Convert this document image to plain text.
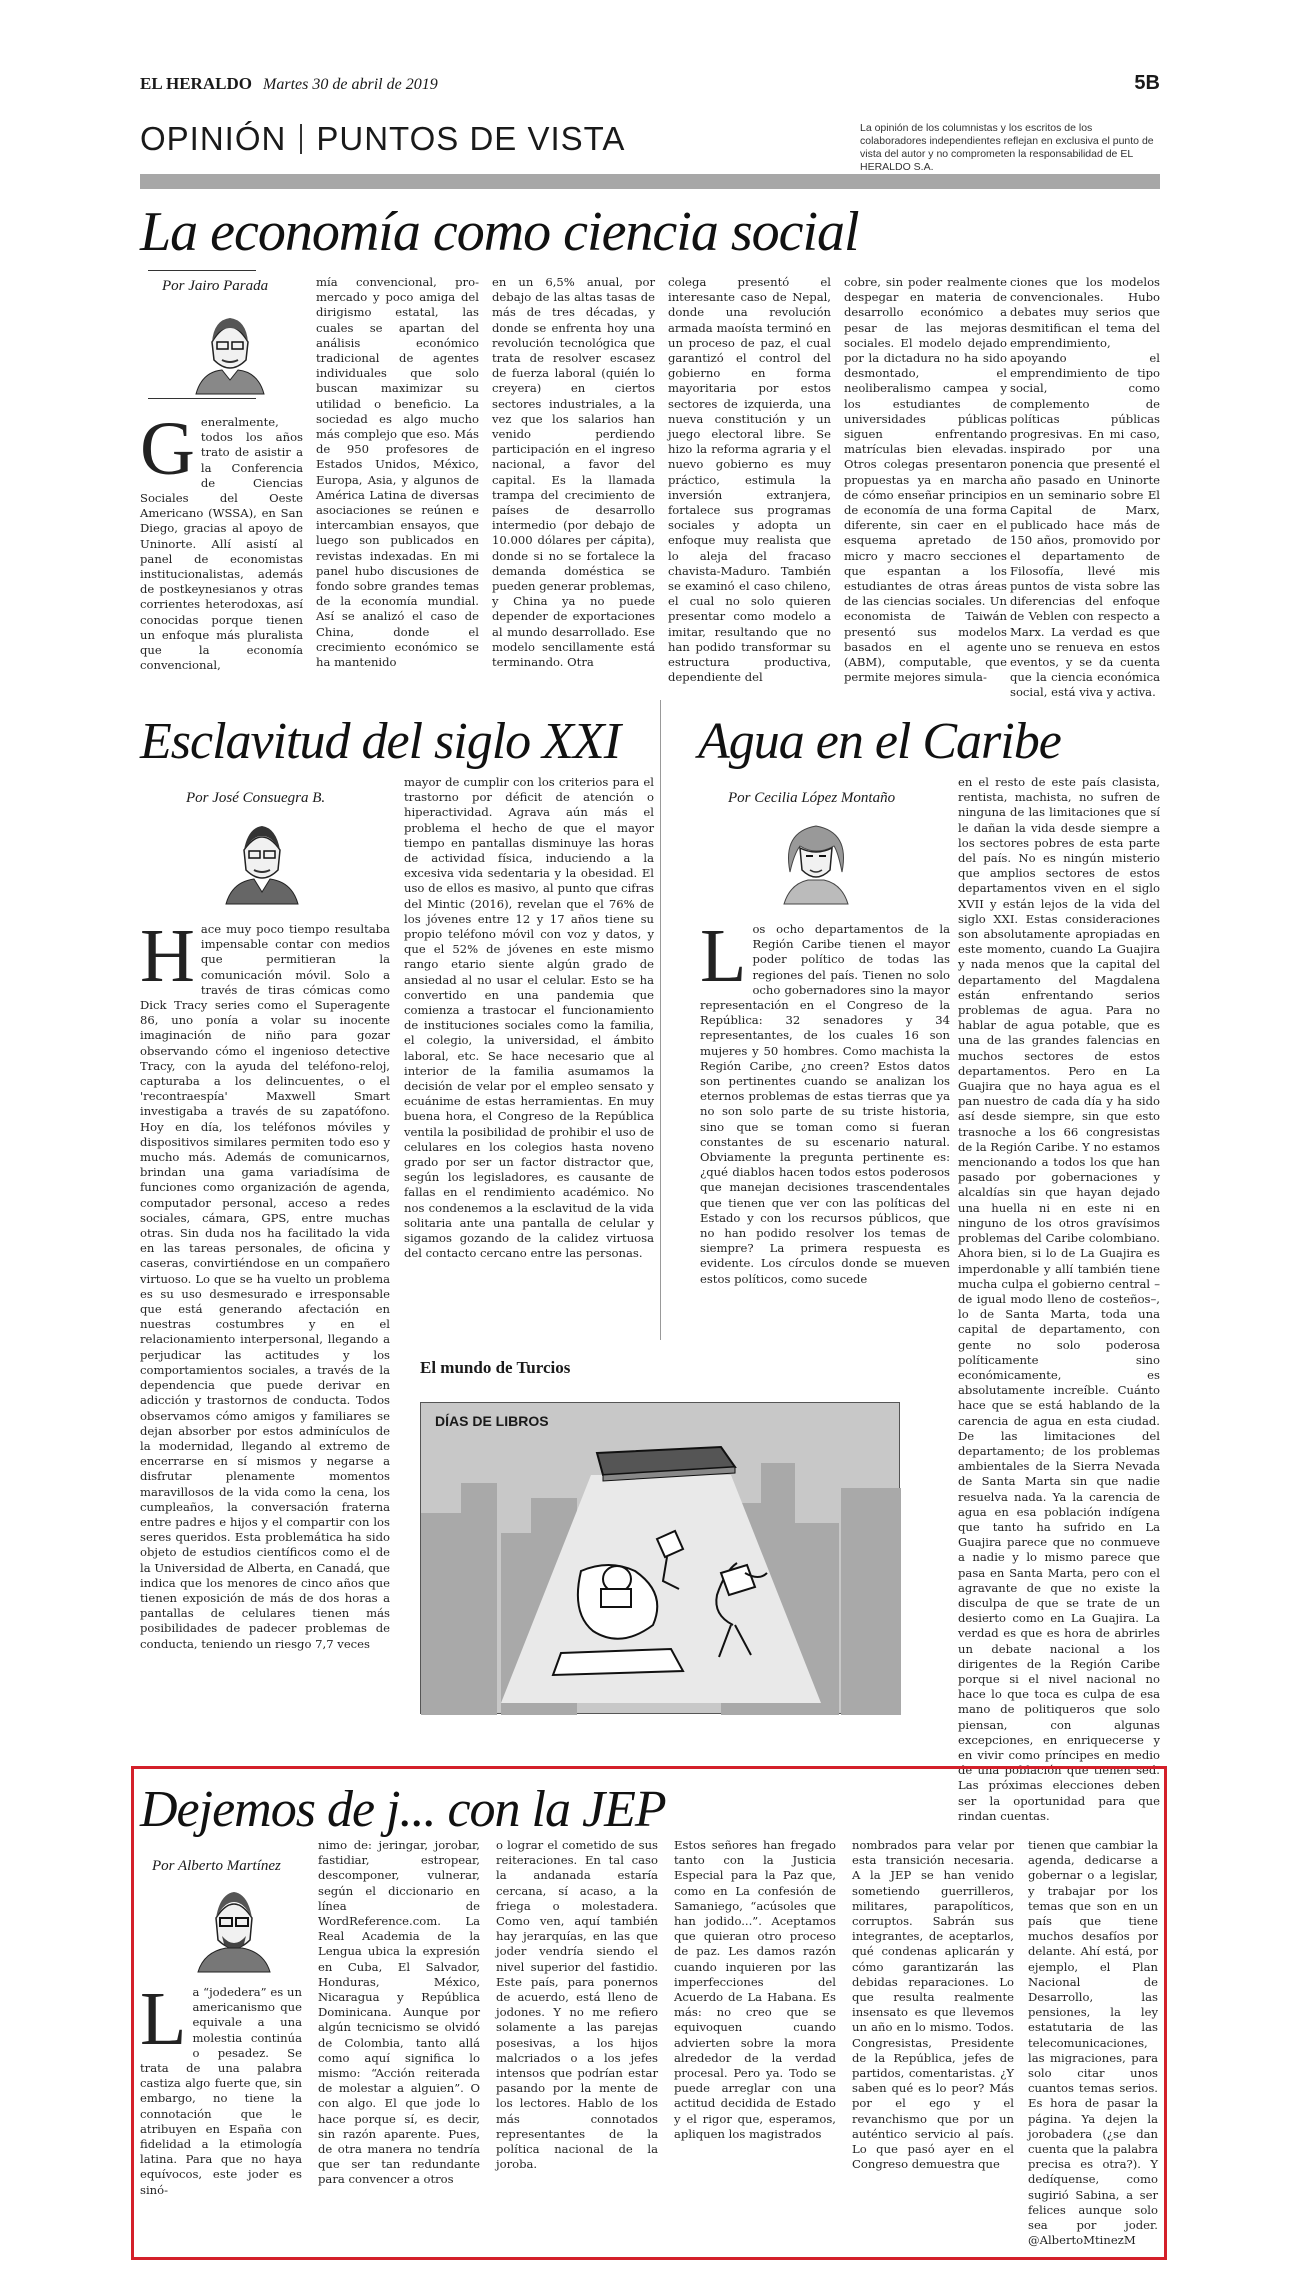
EL HERALDO Martes 30 de abril de 2019	5B
OPINIÓN PUNTOS DE VISTA	La opinión de los columnistas y los escritos de los colaboradores independientes reflejan en exclusiva el punto de vista del autor y no comprometen la responsabilidad de EL HERALDO S.A.
La economía como ciencia social
Por Jairo Parada
Generalmente, todos los años trato de asistir a la Conferencia de Ciencias Sociales del Oeste Americano (WSSA), en San Diego, gracias al apoyo de Uninorte. Allí asistí al panel de economistas institucionalistas, además de postkeynesianos y otras corrientes heterodoxas, así conocidas porque tienen un enfoque más pluralista que la economía convencional,
mía convencional, pro-mercado y poco amiga del dirigismo estatal, las cuales se apartan del análisis económico tradicional de agentes individuales que solo buscan maximizar su utilidad o beneficio. La sociedad es algo mucho más complejo que eso. Más de 950 profesores de Estados Unidos, México, Europa, Asia, y algunos de América Latina de diversas asociaciones se reúnen e intercambian ensayos, que luego son publicados en revistas indexadas. En mi panel hubo discusiones de fondo sobre grandes temas de la economía mundial. Así se analizó el caso de China, donde el crecimiento económico se ha mantenido
en un 6,5% anual, por debajo de las altas tasas de más de tres décadas, y donde se enfrenta hoy una revolución tecnológica que trata de resolver escasez de fuerza laboral (quién lo creyera) en ciertos sectores industriales, a la vez que los salarios han venido perdiendo participación en el ingreso nacional, a favor del capital. Es la llamada trampa del crecimiento de países de desarrollo intermedio (por debajo de 10.000 dólares per cápita), donde si no se fortalece la demanda doméstica se pueden generar problemas, y China ya no puede depender de exportaciones al mundo desarrollado. Ese modelo sencillamente está terminando. Otra
colega presentó el interesante caso de Nepal, donde una revolución armada maoísta terminó en un proceso de paz, el cual garantizó el control del gobierno en forma mayoritaria por estos sectores de izquierda, una nueva constitución y un juego electoral libre. Se hizo la reforma agraria y el nuevo gobierno es muy práctico, estimula la inversión extranjera, fortalece sus programas sociales y adopta un enfoque muy realista que lo aleja del fracaso chavista-Maduro. También se examinó el caso chileno, el cual no solo quieren presentar como modelo a imitar, resultando que no han podido transformar su estructura productiva, dependiente del
cobre, sin poder realmente despegar en materia de desarrollo económico a pesar de las mejoras sociales. El modelo dejado por la dictadura no ha sido desmontado, el neoliberalismo campea y los estudiantes de universidades públicas siguen enfrentando matrículas bien elevadas. Otros colegas presentaron propuestas ya en marcha de cómo enseñar principios de economía de una forma diferente, sin caer en el esquema apretado de micro y macro secciones que espantan a los estudiantes de otras áreas de las ciencias sociales. Un economista de Taiwán presentó sus modelos basados en el agente (ABM), computable, que permite mejores simula-
ciones que los modelos convencionales. Hubo debates muy serios que desmitifican el tema del emprendimiento, apoyando el emprendimiento de tipo social, como complemento de políticas públicas progresivas. En mi caso, inspirado por una ponencia que presenté el año pasado en Uninorte en un seminario sobre El Capital de Marx, publicado hace más de 150 años, promovido por el departamento de Filosofía, llevé mis puntos de vista sobre las diferencias del enfoque de Veblen con respecto a Marx. La verdad es que uno se renueva en estos eventos, y se da cuenta que la ciencia económica social, está viva y activa.
Esclavitud del siglo XXI
Por José Consuegra B.
Hace muy poco tiempo resultaba impensable contar con medios que permitieran la comunicación móvil. Solo a través de tiras cómicas como Dick Tracy series como el Superagente 86, uno ponía a volar su inocente imaginación de niño para gozar observando cómo el ingenioso detective Tracy, con la ayuda del teléfono-reloj, capturaba a los delincuentes, o el 'recontraespía' Maxwell Smart investigaba a través de su zapatófono. Hoy en día, los teléfonos móviles y dispositivos similares permiten todo eso y mucho más. Además de comunicarnos, brindan una gama variadísima de funciones como organización de agenda, computador personal, acceso a redes sociales, cámara, GPS, entre muchas otras. Sin duda nos ha facilitado la vida en las tareas personales, de oficina y caseras, convirtiéndose en un compañero virtuoso. Lo que se ha vuelto un problema es su uso desmesurado e irresponsable que está generando afectación en nuestras costumbres y en el relacionamiento interpersonal, llegando a perjudicar las actitudes y los comportamientos sociales, a través de la dependencia que puede derivar en adicción y trastornos de conducta. Todos observamos cómo amigos y familiares se dejan absorber por estos adminículos de la modernidad, llegando al extremo de encerrarse en sí mismos y negarse a disfrutar plenamente momentos maravillosos de la vida como la cena, los cumpleaños, la conversación fraterna entre padres e hijos y el compartir con los seres queridos. Esta problemática ha sido objeto de estudios científicos como el de la Universidad de Alberta, en Canadá, que indica que los menores de cinco años que tienen exposición de más de dos horas a pantallas de celulares tienen más posibilidades de padecer problemas de conducta, teniendo un riesgo 7,7 veces
mayor de cumplir con los criterios para el trastorno por déficit de atención o hiperactividad. Agrava aún más el problema el hecho de que el mayor tiempo en pantallas disminuye las horas de actividad física, induciendo a la excesiva vida sedentaria y la obesidad. El uso de ellos es masivo, al punto que cifras del Mintic (2016), revelan que el 76% de los jóvenes entre 12 y 17 años tiene su propio teléfono móvil con voz y datos, y que el 52% de jóvenes en este mismo rango etario siente algún grado de ansiedad al no usar el celular. Esto se ha convertido en una pandemia que comienza a trastocar el funcionamiento de instituciones sociales como la familia, el colegio, la universidad, el ámbito laboral, etc. Se hace necesario que al interior de la familia asumamos la decisión de velar por el empleo sensato y ecuánime de estas herramientas. En muy buena hora, el Congreso de la República ventila la posibilidad de prohibir el uso de celulares en los colegios hasta noveno grado por ser un factor distractor que, según los legisladores, es causante de fallas en el rendimiento académico. No nos condenemos a la esclavitud de la vida solitaria ante una pantalla de celular y sigamos gozando de la calidez virtuosa del contacto cercano entre las personas.
Agua en el Caribe
Por Cecilia López Montaño
Los ocho departamentos de la Región Caribe tienen el mayor poder político de todas las regiones del país. Tienen no solo ocho gobernadores sino la mayor representación en el Congreso de la República: 32 senadores y 34 representantes, de los cuales 16 son mujeres y 50 hombres. Como machista la Región Caribe, ¿no creen? Estos datos son pertinentes cuando se analizan los eternos problemas de estas tierras que ya no son solo parte de su triste historia, sino que se toman como si fueran constantes de su escenario natural. Obviamente la pregunta pertinente es: ¿qué diablos hacen todos estos poderosos que manejan decisiones trascendentales que tienen que ver con las políticas del Estado y con los recursos públicos, que no han podido resolver los temas de siempre? La primera respuesta es evidente. Los círculos donde se mueven estos políticos, como sucede
en el resto de este país clasista, rentista, machista, no sufren de ninguna de las limitaciones que sí le dañan la vida desde siempre a los sectores pobres de esta parte del país. No es ningún misterio que amplios sectores de estos departamentos viven en el siglo XVII y están lejos de la vida del siglo XXI. Estas consideraciones son absolutamente apropiadas en este momento, cuando La Guajira y nada menos que la capital del departamento del Magdalena están enfrentando serios problemas de agua. Para no hablar de agua potable, que es una de las grandes falencias en muchos sectores de estos departamentos. Pero en La Guajira que no haya agua es el pan nuestro de cada día y ha sido así desde siempre, sin que esto trasnoche a los 66 congresistas de la Región Caribe. Y no estamos mencionando a todos los que han pasado por gobernaciones y alcaldías sin que hayan dejado una huella ni en este ni en ninguno de los otros gravísimos problemas del Caribe colombiano. Ahora bien, si lo de La Guajira es imperdonable y allí también tiene mucha culpa el gobierno central –de igual modo lleno de costeños–, lo de Santa Marta, toda una capital de departamento, con gente no solo poderosa políticamente sino económicamente, es absolutamente increíble. Cuánto hace que se está hablando de la carencia de agua en esta ciudad. De las limitaciones del departamento; de los problemas ambientales de la Sierra Nevada de Santa Marta sin que nadie resuelva nada. Ya la carencia de agua en esa población indígena que tanto ha sufrido en La Guajira parece que no conmueve a nadie y lo mismo parece que pasa en Santa Marta, pero con el agravante de que no existe la disculpa de que se trate de un desierto como en La Guajira. La verdad es que es hora de abrirles un debate nacional a los dirigentes de la Región Caribe porque si el nivel nacional no hace lo que toca es culpa de esa mano de politiqueros que solo piensan, con algunas excepciones, en enriquecerse y en vivir como príncipes en medio de una población que tienen sed. Las próximas elecciones deben ser la oportunidad para que rindan cuentas.
El mundo de Turcios
DÍAS DE LIBROS
Dejemos de j... con la JEP
Por Alberto Martínez
La “jodedera” es un americanismo que equivale a una molestia continúa o pesadez. Se trata de una palabra castiza algo fuerte que, sin embargo, no tiene la connotación que le atribuyen en España con fidelidad a la etimología latina. Para que no haya equívocos, este joder es sinó-
nimo de: jeringar, jorobar, fastidiar, estropear, descomponer, vulnerar, según el diccionario en línea de WordReference.com. La Real Academia de la Lengua ubica la expresión en Cuba, El Salvador, Honduras, México, Nicaragua y República Dominicana. Aunque por algún tecnicismo se olvidó de Colombia, tanto allá como aquí significa lo mismo: “Acción reiterada de molestar a alguien”. O con algo. El que jode lo hace porque sí, es decir, sin razón aparente. Pues, de otra manera no tendría que ser tan redundante para convencer a otros
o lograr el cometido de sus reiteraciones. En tal caso la andanada estaría cercana, sí acaso, a la friega o molestadera. Como ven, aquí también hay jerarquías, en las que joder vendría siendo el nivel superior del fastidio. Este país, para ponernos de acuerdo, está lleno de jodones. Y no me refiero solamente a las parejas posesivas, a los hijos malcriados o a los jefes intensos que podrían estar pasando por la mente de los lectores. Hablo de los más connotados representantes de la política nacional de la joroba.
Estos señores han fregado tanto con la Justicia Especial para la Paz que, como en La confesión de Samaniego, “acúsoles que han jodido...”. Aceptamos que quieran otro proceso de paz. Les damos razón cuando inquieren por las imperfecciones del Acuerdo de La Habana. Es más: no creo que se equivoquen cuando advierten sobre la mora alrededor de la verdad procesal. Pero ya. Todo se puede arreglar con una actitud decidida de Estado y el rigor que, esperamos, apliquen los magistrados
nombrados para velar por esta transición necesaria. A la JEP se han venido sometiendo guerrilleros, militares, parapolíticos, corruptos. Sabrán sus integrantes, de aceptarlos, qué condenas aplicarán y cómo garantizarán las debidas reparaciones. Lo que resulta realmente insensato es que llevemos un año en lo mismo. Todos. Congresistas, Presidente de la República, jefes de partidos, comentaristas. ¿Y saben qué es lo peor? Más por el ego y el revanchismo que por un auténtico servicio al país. Lo que pasó ayer en el Congreso demuestra que
tienen que cambiar la agenda, dedicarse a gobernar o a legislar, y trabajar por los temas que son en un país que tiene muchos desafíos por delante. Ahí está, por ejemplo, el Plan Nacional de Desarrollo, las pensiones, la ley estatutaria de las telecomunicaciones, las migraciones, para solo citar unos cuantos temas serios. Es hora de pasar la página. Ya dejen la jorobadera (¿se dan cuenta que la palabra precisa es otra?). Y dedíquense, como sugirió Sabina, a ser felices aunque solo sea por joder. @AlbertoMtinezM
